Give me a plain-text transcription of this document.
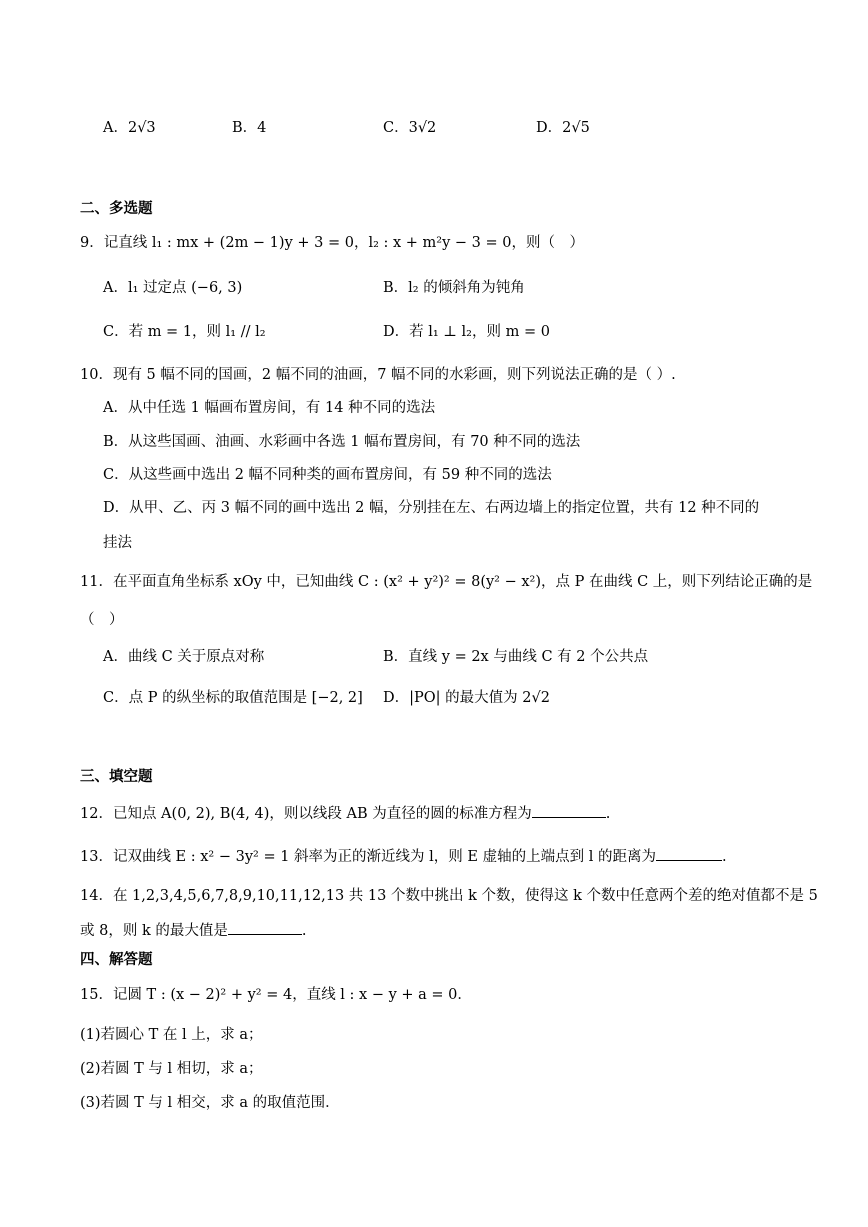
A．2√3	B．4	C．3√2	D．2√5
二、多选题
9．记直线 l₁ : mx + (2m − 1)y + 3 = 0，l₂ : x + m²y − 3 = 0，则（　）
A．l₁ 过定点 (−6, 3)	B．l₂ 的倾斜角为钝角
C．若 m = 1，则 l₁ // l₂	D．若 l₁ ⊥ l₂，则 m = 0
10．现有 5 幅不同的国画，2 幅不同的油画，7 幅不同的水彩画，则下列说法正确的是（ ）.
A．从中任选 1 幅画布置房间，有 14 种不同的选法
B．从这些国画、油画、水彩画中各选 1 幅布置房间，有 70 种不同的选法
C．从这些画中选出 2 幅不同种类的画布置房间，有 59 种不同的选法
D．从甲、乙、丙 3 幅不同的画中选出 2 幅，分别挂在左、右两边墙上的指定位置，共有 12 种不同的
挂法
11．在平面直角坐标系 xOy 中，已知曲线 C : (x² + y²)² = 8(y² − x²)，点 P 在曲线 C 上，则下列结论正确的是
（　）
A．曲线 C 关于原点对称	B．直线 y = 2x 与曲线 C 有 2 个公共点
C．点 P 的纵坐标的取值范围是 [−2, 2] D．|PO| 的最大值为 2√2
三、填空题
12．已知点 A(0, 2), B(4, 4)，则以线段 AB 为直径的圆的标准方程为	.
13．记双曲线 E : x² − 3y² = 1 斜率为正的渐近线为 l，则 E 虚轴的上端点到 l 的距离为	.
14．在 1,2,3,4,5,6,7,8,9,10,11,12,13 共 13 个数中挑出 k 个数，使得这 k 个数中任意两个差的绝对值都不是 5
或 8，则 k 的最大值是	.
四、解答题
15．记圆 T : (x − 2)² + y² = 4，直线 l : x − y + a = 0．
(1)若圆心 T 在 l 上，求 a；
(2)若圆 T 与 l 相切，求 a；
(3)若圆 T 与 l 相交，求 a 的取值范围．
